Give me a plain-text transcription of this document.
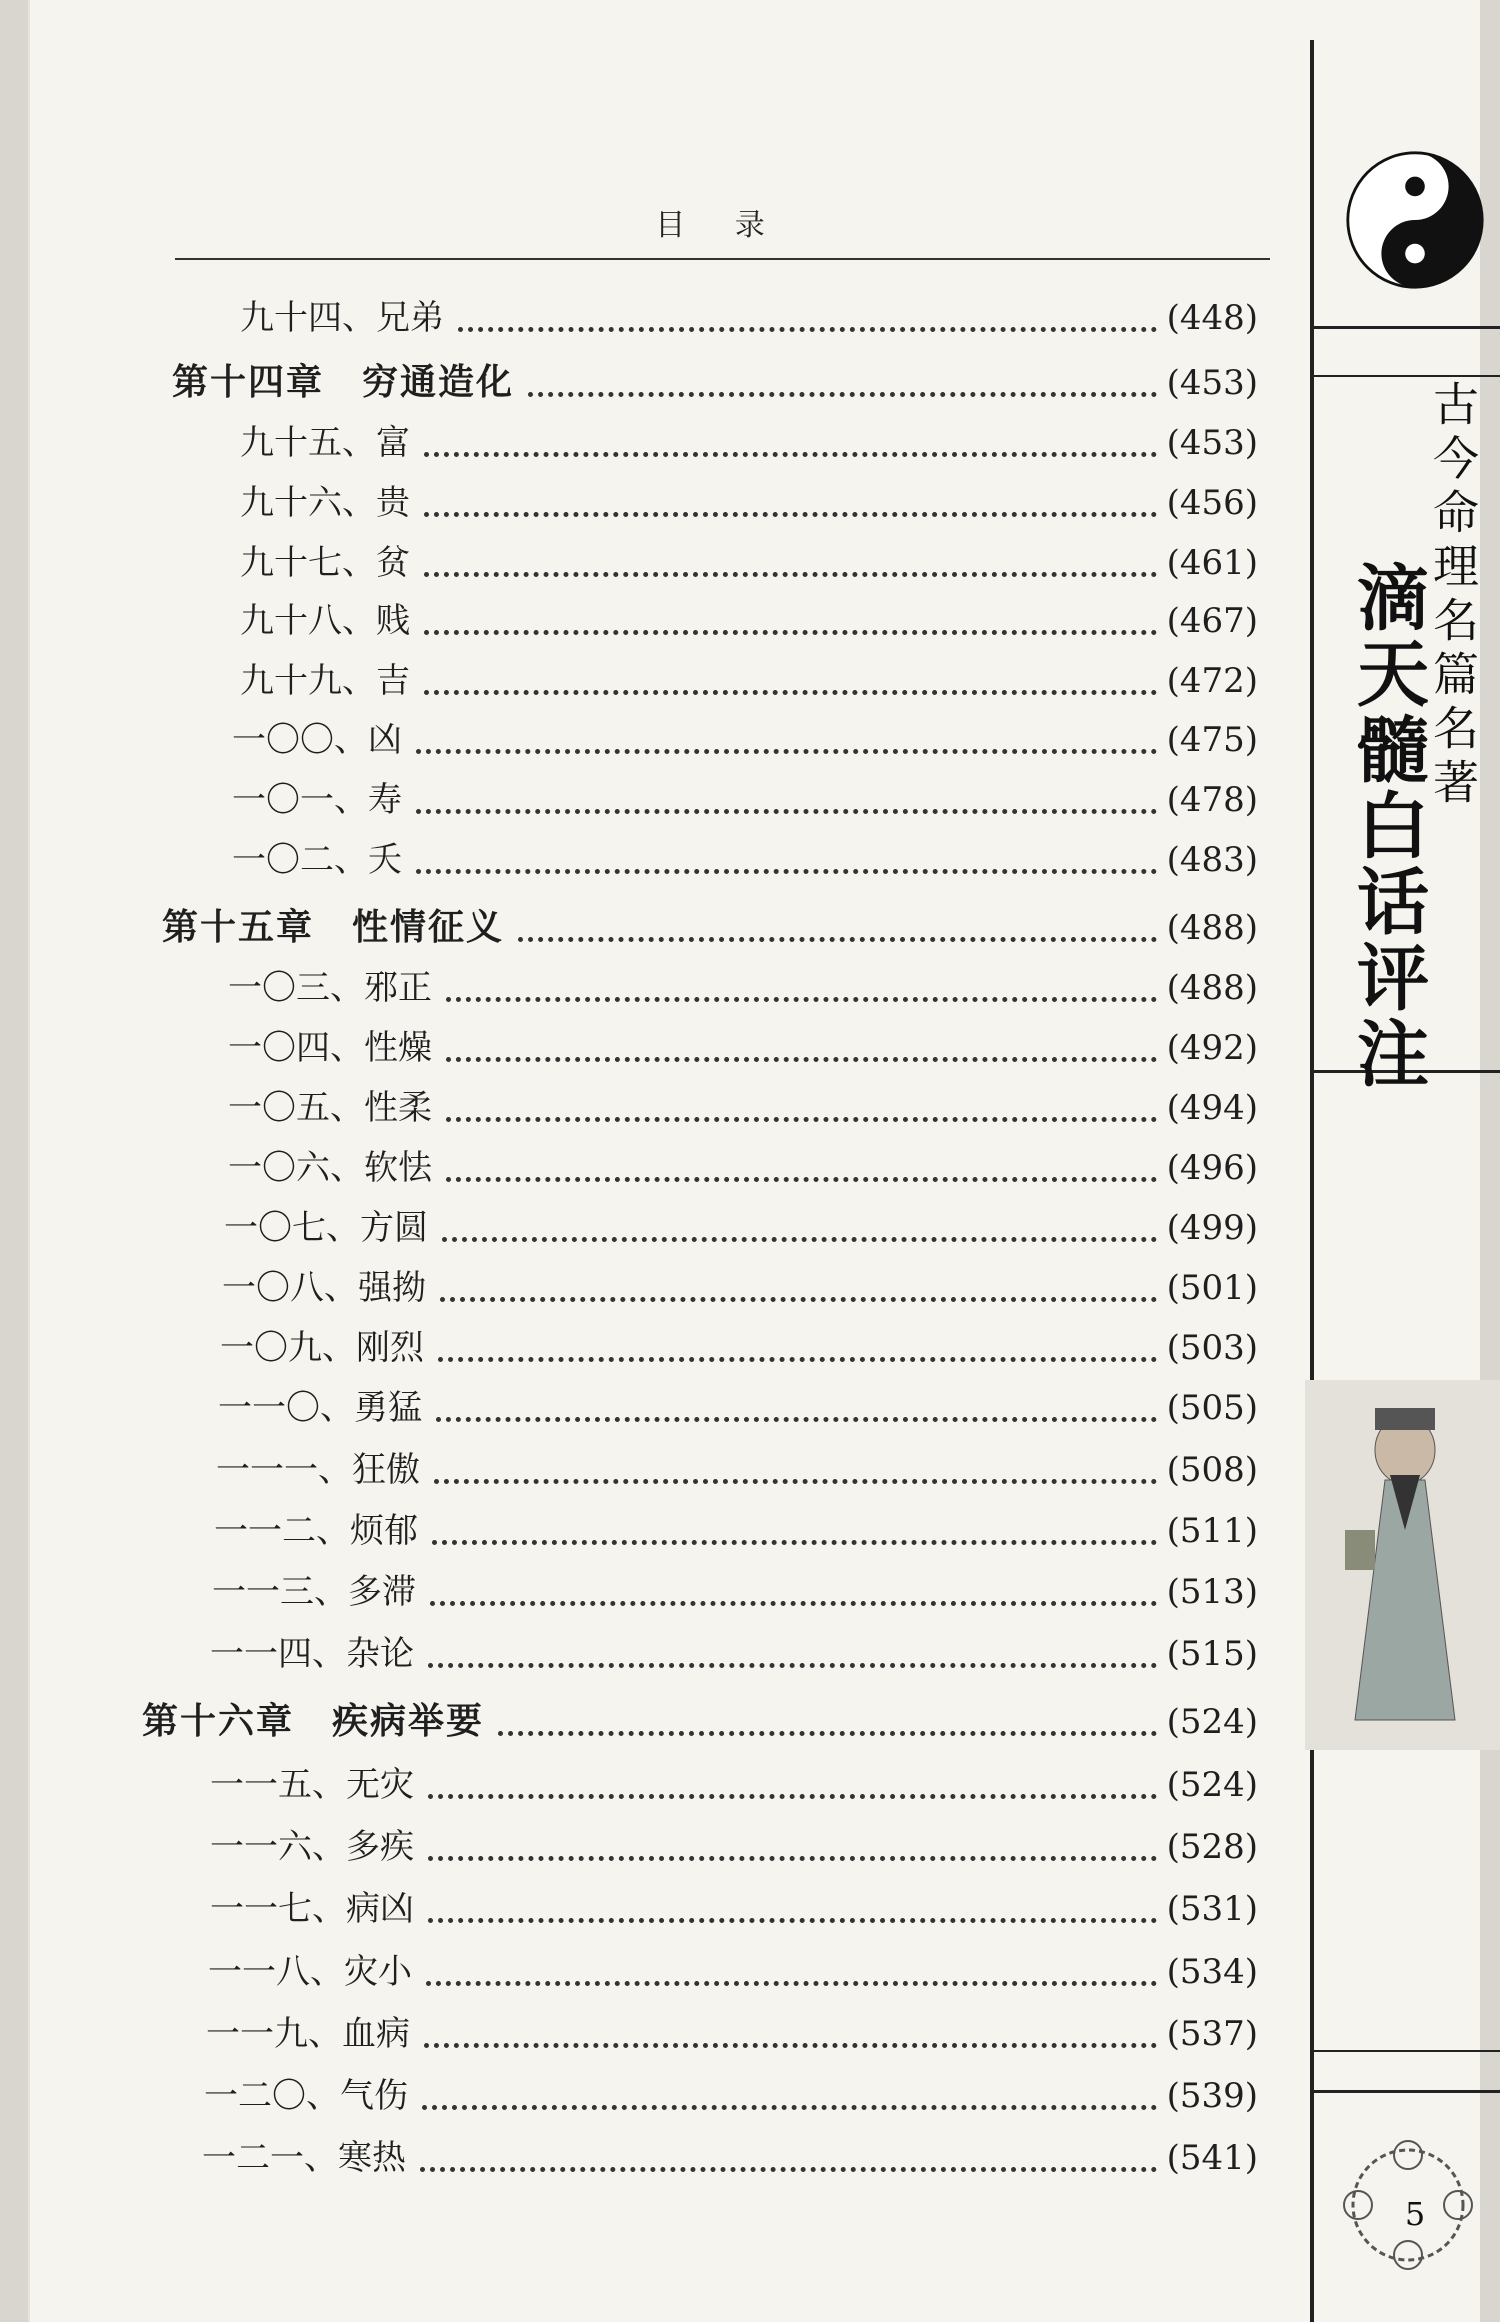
目 录
九十四、兄弟	(448)
第十四章　穷通造化	(453)
九十五、富	(453)
九十六、贵	(456)
九十七、贫	(461)
九十八、贱	(467)
九十九、吉	(472)
一〇〇、凶	(475)
一〇一、寿	(478)
一〇二、夭	(483)
第十五章　性情征义	(488)
一〇三、邪正	(488)
一〇四、性燥	(492)
一〇五、性柔	(494)
一〇六、软怯	(496)
一〇七、方圆	(499)
一〇八、强拗	(501)
一〇九、刚烈	(503)
一一〇、勇猛	(505)
一一一、狂傲	(508)
一一二、烦郁	(511)
一一三、多滞	(513)
一一四、杂论	(515)
第十六章　疾病举要	(524)
一一五、无灾	(524)
一一六、多疾	(528)
一一七、病凶	(531)
一一八、灾小	(534)
一一九、血病	(537)
一二〇、气伤	(539)
一二一、寒热	(541)
古今命理名篇名著
滴天髓白话评注
5
